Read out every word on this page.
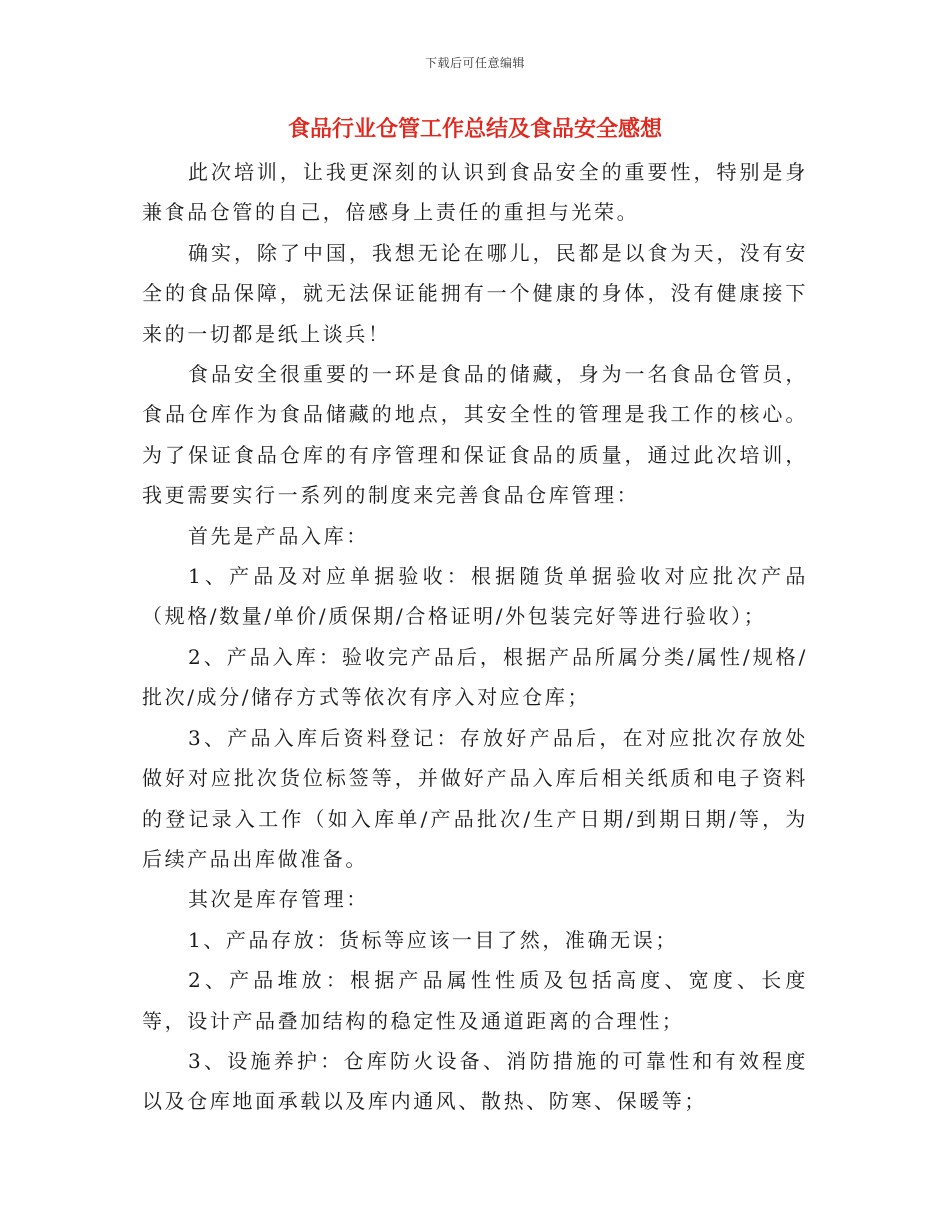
下载后可任意编辑
食品行业仓管工作总结及食品安全感想

此次培训，让我更深刻的认识到食品安全的重要性，特别是身兼食品仓管的自己，倍感身上责任的重担与光荣。

确实，除了中国，我想无论在哪儿，民都是以食为天，没有安全的食品保障，就无法保证能拥有一个健康的身体，没有健康接下来的一切都是纸上谈兵！

食品安全很重要的一环是食品的储藏，身为一名食品仓管员，食品仓库作为食品储藏的地点，其安全性的管理是我工作的核心。为了保证食品仓库的有序管理和保证食品的质量，通过此次培训，我更需要实行一系列的制度来完善食品仓库管理：

首先是产品入库：

1、产品及对应单据验收：根据随货单据验收对应批次产品（规格/数量/单价/质保期/合格证明/外包装完好等进行验收）；

2、产品入库：验收完产品后，根据产品所属分类/属性/规格/批次/成分/储存方式等依次有序入对应仓库；

3、产品入库后资料登记：存放好产品后，在对应批次存放处做好对应批次货位标签等，并做好产品入库后相关纸质和电子资料的登记录入工作（如入库单/产品批次/生产日期/到期日期/等，为后续产品出库做准备。

其次是库存管理：

1、产品存放：货标等应该一目了然，准确无误；

2、产品堆放：根据产品属性性质及包括高度、宽度、长度等，设计产品叠加结构的稳定性及通道距离的合理性；

3、设施养护：仓库防火设备、消防措施的可靠性和有效程度以及仓库地面承载以及库内通风、散热、防寒、保暖等；
